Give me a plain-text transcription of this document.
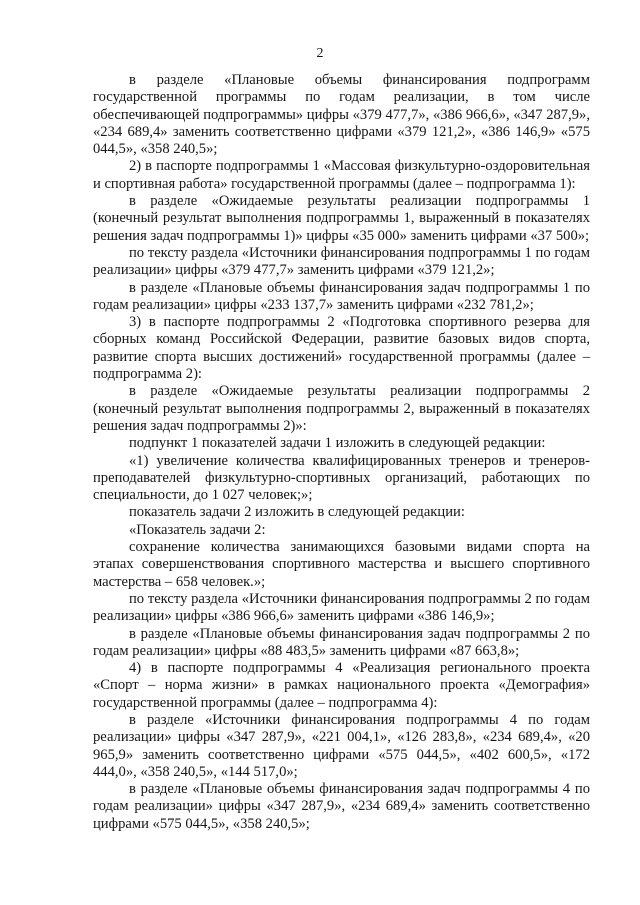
2

в разделе «Плановые объемы финансирования подпрограмм государственной программы по годам реализации, в том числе обеспечивающей подпрограммы» цифры «379 477,7», «386 966,6», «347 287,9», «234 689,4» заменить соответственно цифрами «379 121,2», «386 146,9» «575 044,5», «358 240,5»;

2) в паспорте подпрограммы 1 «Массовая физкультурно-оздоровительная и спортивная работа» государственной программы (далее – подпрограмма 1):

в разделе «Ожидаемые результаты реализации подпрограммы 1 (конечный результат выполнения подпрограммы 1, выраженный в показателях решения задач подпрограммы 1)» цифры «35 000» заменить цифрами «37 500»;

по тексту раздела «Источники финансирования подпрограммы 1 по годам реализации» цифры «379 477,7» заменить цифрами «379 121,2»;

в разделе «Плановые объемы финансирования задач подпрограммы 1 по годам реализации» цифры «233 137,7» заменить цифрами «232 781,2»;

3) в паспорте подпрограммы 2 «Подготовка спортивного резерва для сборных команд Российской Федерации, развитие базовых видов спорта, развитие спорта высших достижений» государственной программы (далее – подпрограмма 2):

в разделе «Ожидаемые результаты реализации подпрограммы 2 (конечный результат выполнения подпрограммы 2, выраженный в показателях решения задач подпрограммы 2)»:

подпункт 1 показателей задачи 1 изложить в следующей редакции:

«1) увеличение количества квалифицированных тренеров и тренеров-преподавателей физкультурно-спортивных организаций, работающих по специальности, до 1 027 человек;»;

показатель задачи 2 изложить в следующей редакции:

«Показатель задачи 2:

сохранение количества занимающихся базовыми видами спорта на этапах совершенствования спортивного мастерства и высшего спортивного мастерства – 658 человек.»;

по тексту раздела «Источники финансирования подпрограммы 2 по годам реализации» цифры «386 966,6» заменить цифрами «386 146,9»;

в разделе «Плановые объемы финансирования задач подпрограммы 2 по годам реализации» цифры «88 483,5» заменить цифрами «87 663,8»;

4) в паспорте подпрограммы 4 «Реализация регионального проекта «Спорт – норма жизни» в рамках национального проекта «Демография» государственной программы (далее – подпрограмма 4):

в разделе «Источники финансирования подпрограммы 4 по годам реализации» цифры «347 287,9», «221 004,1», «126 283,8», «234 689,4», «20 965,9» заменить соответственно цифрами «575 044,5», «402 600,5», «172 444,0», «358 240,5», «144 517,0»;

в разделе «Плановые объемы финансирования задач подпрограммы 4 по годам реализации» цифры «347 287,9», «234 689,4» заменить соответственно цифрами «575 044,5», «358 240,5»;
